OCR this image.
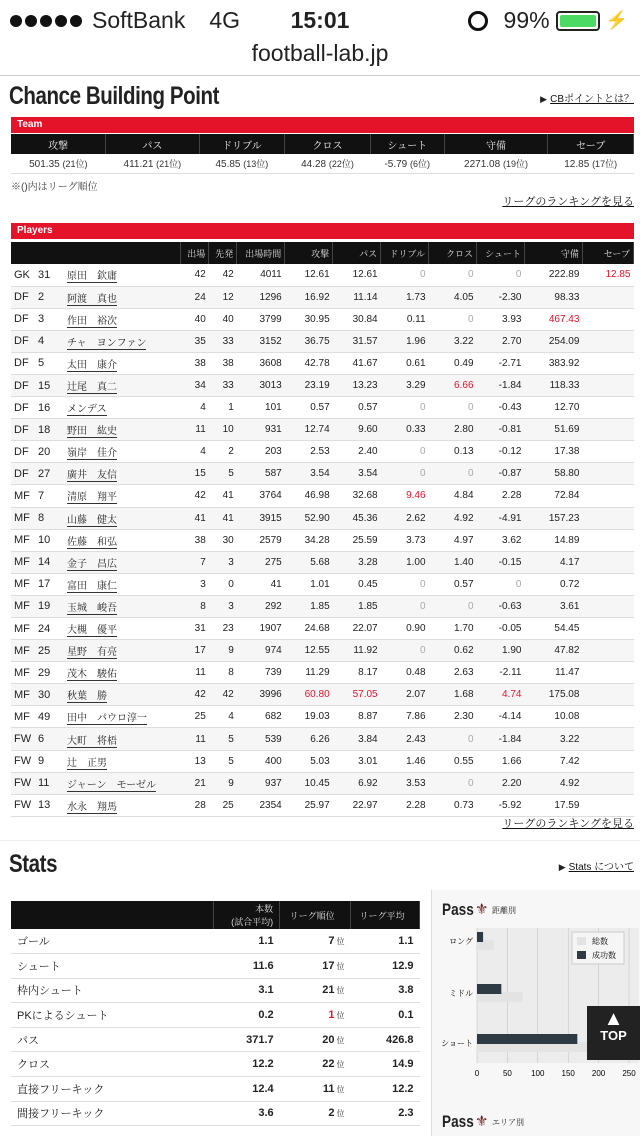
SoftBank 4G	15:01	99%	⚡
football-lab.jp
Chance Building Point	▶ CBポイントとは？
Team
攻撃	パス	ドリブル	クロス	シュート	守備	セーブ
501.35 (21位)	411.21 (21位)	45.85 (13位)	44.28 (22位)	-5.79 (6位)	2271.08 (19位)	12.85 (17位)
※()内はリーグ順位
リーグのランキングを見る
Players
			出場	先発	出場時間	攻撃	パス	ドリブル	クロス	シュート	守備	セーブ
GK	31	原田　欽庸	42	42	4011	12.61	12.61	0	0	0	222.89	12.85
DF	2	阿渡　真也	24	12	1296	16.92	11.14	1.73	4.05	-2.30	98.33	
DF	3	作田　裕次	40	40	3799	30.95	30.84	0.11	0	3.93	467.43	
DF	4	チャ　ヨンファン	35	33	3152	36.75	31.57	1.96	3.22	2.70	254.09	
DF	5	太田　康介	38	38	3608	42.78	41.67	0.61	0.49	-2.71	383.92	
DF	15	辻尾　真二	34	33	3013	23.19	13.23	3.29	6.66	-1.84	118.33	
DF	16	メンデス	4	1	101	0.57	0.57	0	0	-0.43	12.70	
DF	18	野田　紘史	11	10	931	12.74	9.60	0.33	2.80	-0.81	51.69	
DF	20	嶺岸　佳介	4	2	203	2.53	2.40	0	0.13	-0.12	17.38	
DF	27	廣井　友信	15	5	587	3.54	3.54	0	0	-0.87	58.80	
MF	7	清原　翔平	42	41	3764	46.98	32.68	9.46	4.84	2.28	72.84	
MF	8	山藤　健太	41	41	3915	52.90	45.36	2.62	4.92	-4.91	157.23	
MF	10	佐藤　和弘	38	30	2579	34.28	25.59	3.73	4.97	3.62	14.89	
MF	14	金子　昌広	7	3	275	5.68	3.28	1.00	1.40	-0.15	4.17	
MF	17	富田　康仁	3	0	41	1.01	0.45	0	0.57	0	0.72	
MF	19	玉城　峻吾	8	3	292	1.85	1.85	0	0	-0.63	3.61	
MF	24	大槻　優平	31	23	1907	24.68	22.07	0.90	1.70	-0.05	54.45	
MF	25	星野　有亮	17	9	974	12.55	11.92	0	0.62	1.90	47.82	
MF	29	茂木　駿佑	11	8	739	11.29	8.17	0.48	2.63	-2.11	11.47	
MF	30	秋葉　勝	42	42	3996	60.80	57.05	2.07	1.68	4.74	175.08	
MF	49	田中　パウロ淳一	25	4	682	19.03	8.87	7.86	2.30	-4.14	10.08	
FW	6	大町　将梧	11	5	539	6.26	3.84	2.43	0	-1.84	3.22	
FW	9	辻　正男	13	5	400	5.03	3.01	1.46	0.55	1.66	7.42	
FW	11	ジャーン　モーゼル	21	9	937	10.45	6.92	3.53	0	2.20	4.92	
FW	13	水永　翔馬	28	25	2354	25.97	22.97	2.28	0.73	-5.92	17.59	
リーグのランキングを見る
Stats	▶ Stats について
	本数
(試合平均)	リーグ順位	リーグ平均
ゴール	1.1	7 位	1.1
シュート	11.6	17 位	12.9
枠内シュート	3.1	21 位	3.8
PKによるシュート	0.2	1 位	0.1
パス	371.7	20 位	426.8
クロス	12.2	22 位	14.9
直接フリーキック	12.4	11 位	12.2
間接フリーキック	3.6	2 位	2.3
Pass ⚜ 距離別
ロング
ミドル
ショート
0	50 100 150 200 250
総数
成功数
Pass ⚜ エリア別
▲
TOP
